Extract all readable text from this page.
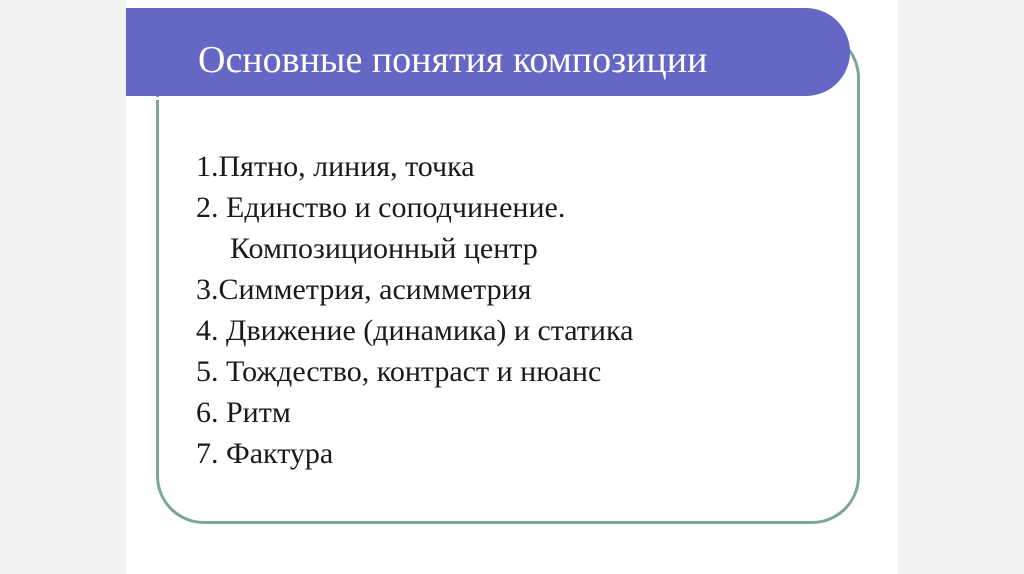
Основные понятия композиции
1.Пятно, линия, точка
2. Единство и соподчинение.
Композиционный центр
3.Симметрия, асимметрия
4. Движение (динамика) и статика
5. Тождество, контраст и нюанс
6. Ритм
7. Фактура
